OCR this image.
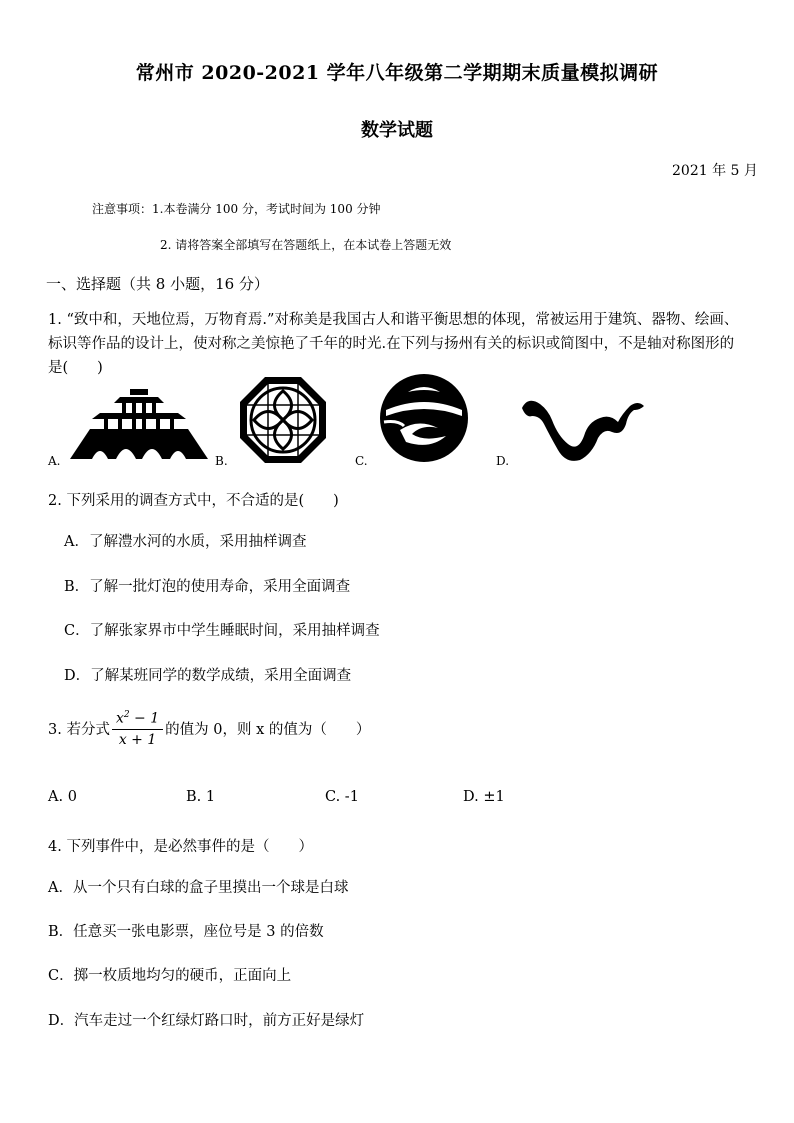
常州市 2020-2021 学年八年级第二学期期末质量模拟调研
数学试题
2021 年 5 月
注意事项：1.本卷满分 100 分，考试时间为 100 分钟
2. 请将答案全部填写在答题纸上，在本试卷上答题无效
一、选择题（共 8 小题，16 分）
1. “致中和，天地位焉，万物育焉.”对称美是我国古人和谐平衡思想的体现，常被运用于建筑、器物、绘画、标识等作品的设计上，使对称之美惊艳了千年的时光.在下列与扬州有关的标识或简图中，不是轴对称图形的是(　　)
A.	B.	C.	D.
2. 下列采用的调查方式中，不合适的是(　　)
A．了解澧水河的水质，采用抽样调查
B．了解一批灯泡的使用寿命，采用全面调查
C．了解张家界市中学生睡眠时间，采用抽样调查
D．了解某班同学的数学成绩，采用全面调查
3. 若分式 $\frac{x^2 - 1}{x + 1}$ 的值为 0，则 x 的值为（　　）
A. 0	B. 1	C. -1	D. ±1
4. 下列事件中，是必然事件的是（　　）
A．从一个只有白球的盒子里摸出一个球是白球
B．任意买一张电影票，座位号是 3 的倍数
C．掷一枚质地均匀的硬币，正面向上
D．汽车走过一个红绿灯路口时，前方正好是绿灯
